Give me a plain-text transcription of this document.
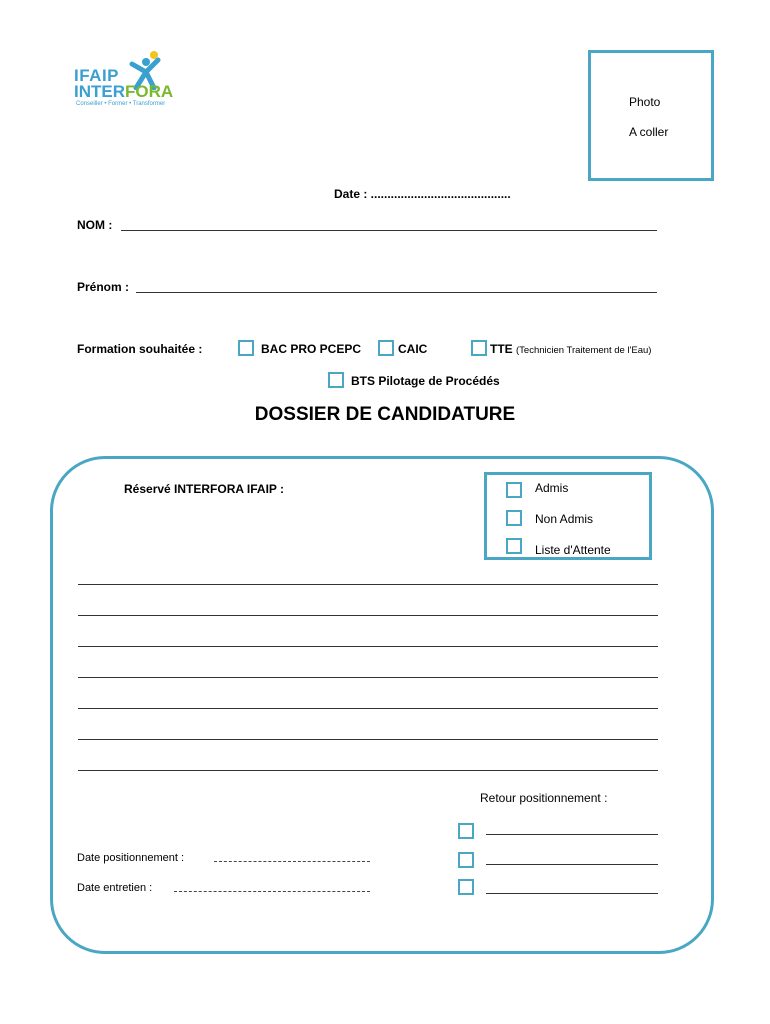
IFAIP
INTERFORA
Conseiller • Former • Transformer	Photo
A coller
Date : ..........................................
NOM :
Prénom :
Formation souhaitée :	BAC PRO PCEPC	CAIC	TTE (Technicien Traitement de l'Eau)
BTS Pilotage de Procédés
DOSSIER DE CANDIDATURE
Réservé INTERFORA IFAIP :	Admis
Non Admis
Liste d'Attente
Retour positionnement :
Date positionnement :
Date entretien :
